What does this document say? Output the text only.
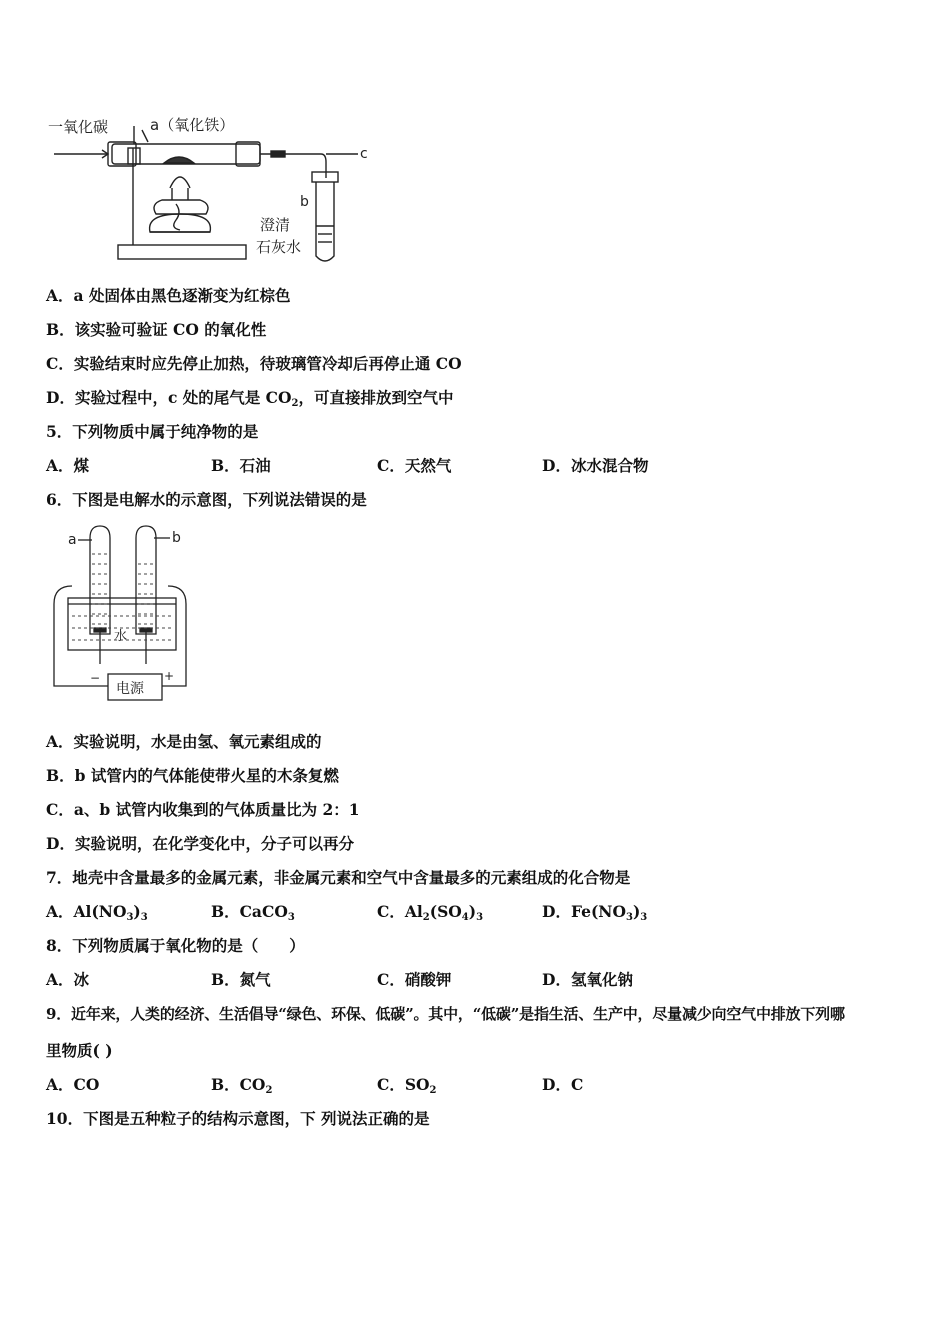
一氧化碳	a（氧化铁）
c
b
澄清
石灰水
A．a 处固体由黑色逐渐变为红棕色
B．该实验可验证 CO 的氧化性
C．实验结束时应先停止加热，待玻璃管冷却后再停止通 CO
D．实验过程中，c 处的尾气是 $CO_2$，可直接排放到空气中
5．下列物质中属于纯净物的是
A．煤	B．石油	C．天然气	D．冰水混合物
6．下图是电解水的示意图，下列说法错误的是
a	b
水
电源
−	+
A．实验说明，水是由氢、氧元素组成的
B．b 试管内的气体能使带火星的木条复燃
C．a、b 试管内收集到的气体质量比为 2：1
D．实验说明，在化学变化中，分子可以再分
7．地壳中含量最多的金属元素，非金属元素和空气中含量最多的元素组成的化合物是
A．$Al(NO_3)_3$	B．CaCO$_3$	C．$Al_2(SO_4)_3$	D．$Fe(NO_3)_3$
8．下列物质属于氧化物的是（　　）
A．冰	B．氮气	C．硝酸钾	D．氢氧化钠
9．近年来，人类的经济、生活倡导“绿色、环保、低碳”。其中，“低碳”是指生活、生产中，尽量减少向空气中排放下列哪
里物质( )
A．CO	B．$CO_2$	C．$SO_2$	D．C
10．下图是五种粒子的结构示意图，下 列说法正确的是
